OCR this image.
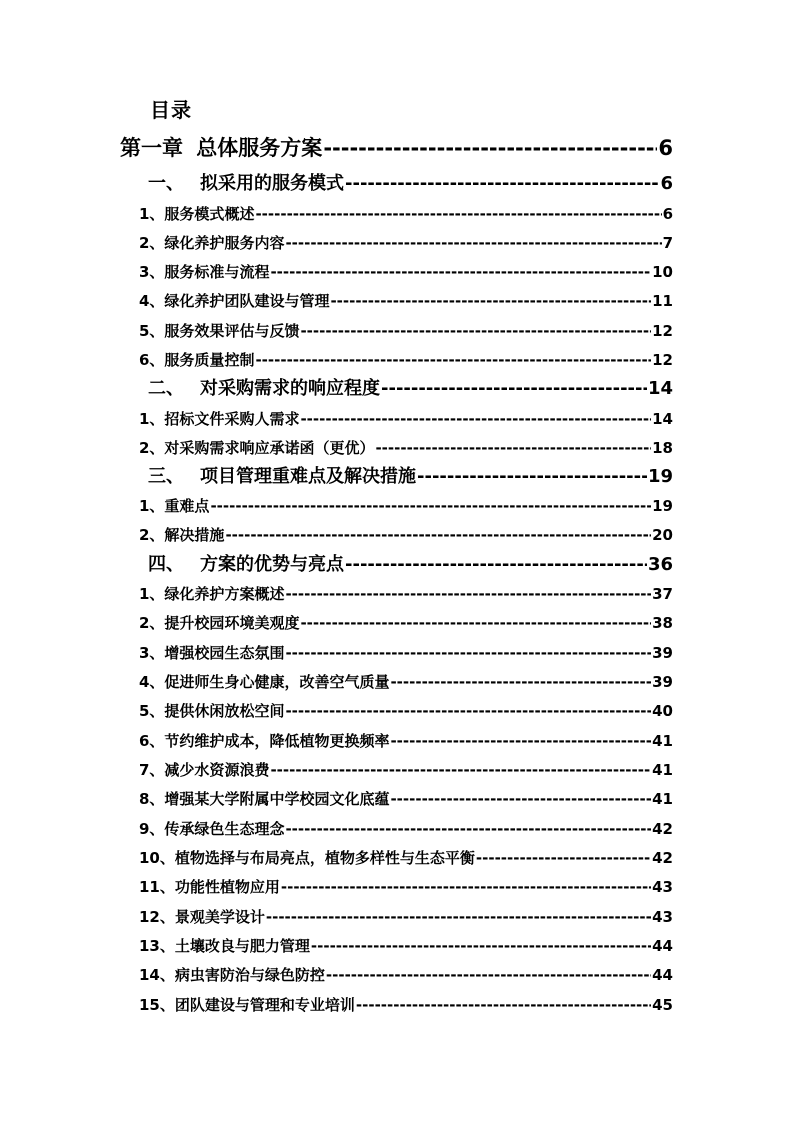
目录
第一章 总体服务方案 -----	6
一、 拟采用的服务模式 -----	6
1、服务模式概述 -----	6
2、绿化养护服务内容 -----	7
3、服务标准与流程 -----	10
4、绿化养护团队建设与管理 -----	11
5、服务效果评估与反馈 -----	12
6、服务质量控制 -----	12
二、 对采购需求的响应程度 -----	14
1、招标文件采购人需求 -----	14
2、对采购需求响应承诺函（更优） -----	18
三、 项目管理重难点及解决措施 -----	19
1、重难点 -----	19
2、解决措施 -----	20
四、 方案的优势与亮点 -----	36
1、绿化养护方案概述 -----	37
2、提升校园环境美观度 -----	38
3、增强校园生态氛围 -----	39
4、促进师生身心健康，改善空气质量 -----	39
5、提供休闲放松空间 -----	40
6、节约维护成本，降低植物更换频率 -----	41
7、减少水资源浪费 -----	41
8、增强某大学附属中学校园文化底蕴 -----	41
9、传承绿色生态理念 -----	42
10、植物选择与布局亮点，植物多样性与生态平衡 -----	42
11、功能性植物应用 -----	43
12、景观美学设计 -----	43
13、土壤改良与肥力管理 -----	44
14、病虫害防治与绿色防控 -----	44
15、团队建设与管理和专业培训 -----	45
